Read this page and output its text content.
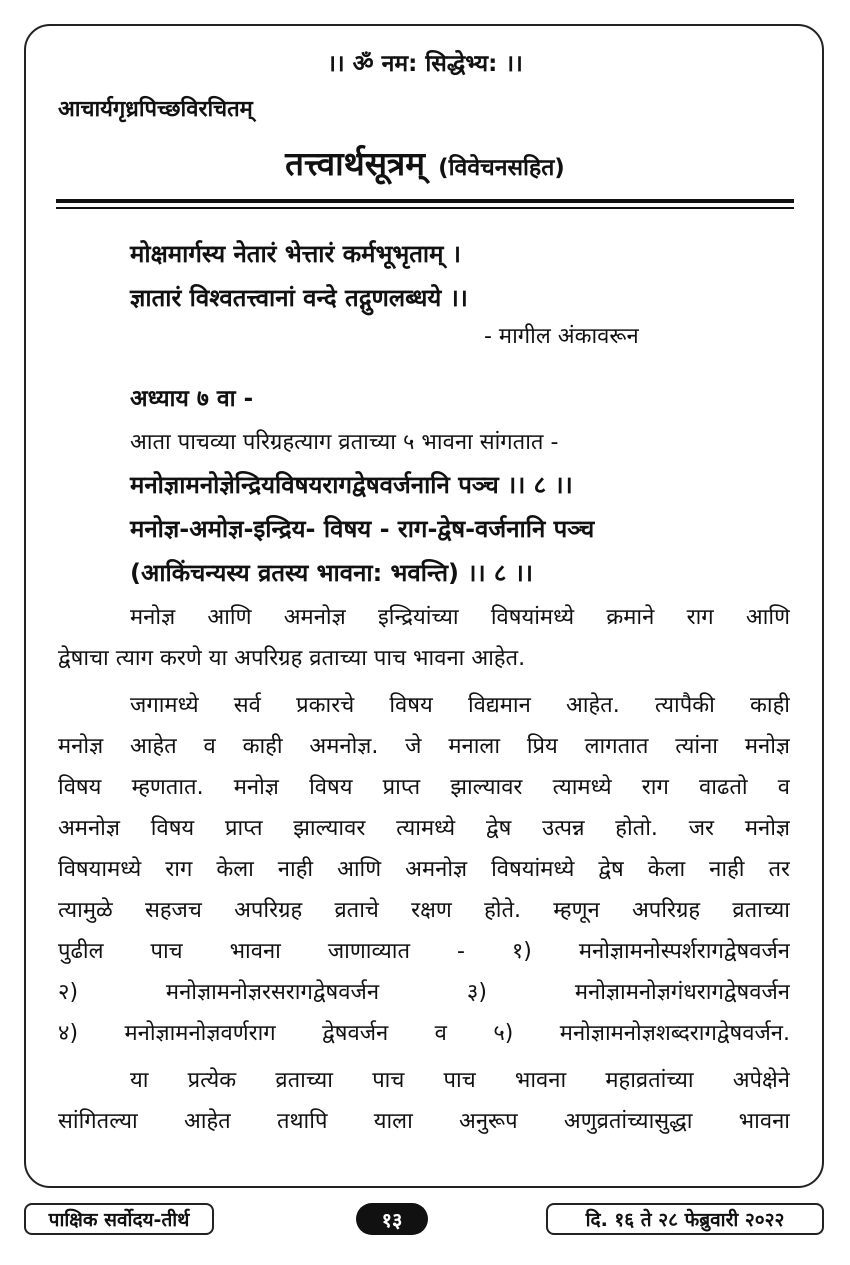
।। ॐ नम: सिद्धेभ्य: ।।
आचार्यगृध्रपिच्छविरचितम्
तत्त्वार्थसूत्रम् (विवेचनसहित)
मोक्षमार्गस्य नेतारं भेत्तारं कर्मभूभृताम् ।
ज्ञातारं विश्वतत्त्वानां वन्दे तद्गुणलब्धये ।।
- मागील अंकावरून
अध्याय ७ वा -
आता पाचव्या परिग्रहत्याग व्रताच्या ५ भावना सांगतात -
मनोज्ञामनोज्ञेन्द्रियविषयरागद्वेषवर्जनानि पञ्च ।। ८ ।।
मनोज्ञ-अमोज्ञ-इन्द्रिय- विषय - राग-द्वेष-वर्जनानि पञ्च
(आकिंचन्यस्य व्रतस्य भावना: भवन्ति) ।। ८ ।।
मनोज्ञ आणि अमनोज्ञ इन्द्रियांच्या विषयांमध्ये क्रमाने राग आणि
द्वेषाचा त्याग करणे या अपरिग्रह व्रताच्या पाच भावना आहेत.
जगामध्ये सर्व प्रकारचे विषय विद्यमान आहेत. त्यापैकी काही
मनोज्ञ आहेत व काही अमनोज्ञ. जे मनाला प्रिय लागतात त्यांना मनोज्ञ
विषय म्हणतात. मनोज्ञ विषय प्राप्त झाल्यावर त्यामध्ये राग वाढतो व
अमनोज्ञ विषय प्राप्त झाल्यावर त्यामध्ये द्वेष उत्पन्न होतो. जर मनोज्ञ
विषयामध्ये राग केला नाही आणि अमनोज्ञ विषयांमध्ये द्वेष केला नाही तर
त्यामुळे सहजच अपरिग्रह व्रताचे रक्षण होते. म्हणून अपरिग्रह व्रताच्या
पुढील पाच भावना जाणाव्यात - १) मनोज्ञामनोस्पर्शरागद्वेषवर्जन
२) मनोज्ञामनोज्ञरसरागद्वेषवर्जन ३) मनोज्ञामनोज्ञगंधरागद्वेषवर्जन
४) मनोज्ञामनोज्ञवर्णराग द्वेषवर्जन व ५) मनोज्ञामनोज्ञशब्दरागद्वेषवर्जन.
या प्रत्येक व्रताच्या पाच पाच भावना महाव्रतांच्या अपेक्षेने
सांगितल्या आहेत तथापि याला अनुरूप अणुव्रतांच्यासुद्धा भावना
पाक्षिक सर्वोदय-तीर्थ	१३	दि. १६ ते २८ फेब्रुवारी २०२२
